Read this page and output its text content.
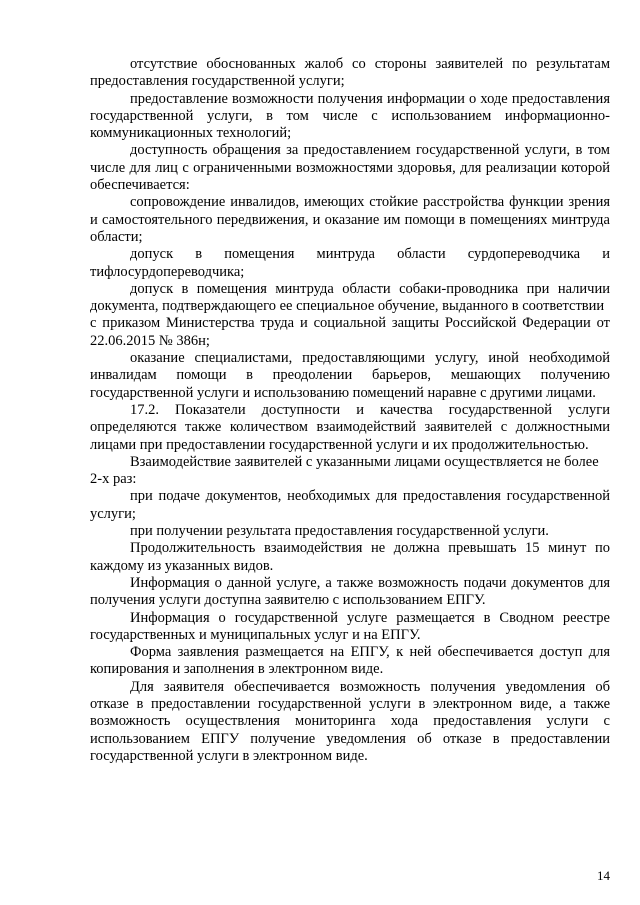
отсутствие обоснованных жалоб со стороны заявителей по результатам предоставления государственной услуги;

предоставление возможности получения информации о ходе предоставления государственной услуги, в том числе с использованием информационно-коммуникационных технологий;

доступность обращения за предоставлением государственной услуги, в том числе для лиц с ограниченными возможностями здоровья, для реализации которой обеспечивается:

сопровождение инвалидов, имеющих стойкие расстройства функции зрения и самостоятельного передвижения, и оказание им помощи в помещениях минтруда области;

допуск в помещения минтруда области сурдопереводчика и тифлосурдопереводчика;

допуск в помещения минтруда области собаки-проводника при наличии документа, подтверждающего ее специальное обучение, выданного в соответствии

с приказом Министерства труда и социальной защиты Российской Федерации от 22.06.2015 № 386н;

оказание специалистами, предоставляющими услугу, иной необходимой инвалидам помощи в преодолении барьеров, мешающих получению государственной услуги и использованию помещений наравне с другими лицами.

17.2. Показатели доступности и качества государственной услуги определяются также количеством взаимодействий заявителей с должностными лицами при предоставлении государственной услуги и их продолжительностью.

Взаимодействие заявителей с указанными лицами осуществляется не более

2-х раз:

при подаче документов, необходимых для предоставления государственной услуги;

при получении результата предоставления государственной услуги.

Продолжительность взаимодействия не должна превышать 15 минут по каждому из указанных видов.

Информация о данной услуге, а также возможность подачи документов для получения услуги доступна заявителю с использованием ЕПГУ.

Информация о государственной услуге размещается в Сводном реестре государственных и муниципальных услуг и на ЕПГУ.

Форма заявления размещается на ЕПГУ, к ней обеспечивается доступ для копирования и заполнения в электронном виде.

Для заявителя обеспечивается возможность получения уведомления об отказе в предоставлении государственной услуги в электронном виде, а также возможность осуществления мониторинга хода предоставления услуги с использованием ЕПГУ получение уведомления об отказе в предоставлении государственной услуги в электронном виде.

14
